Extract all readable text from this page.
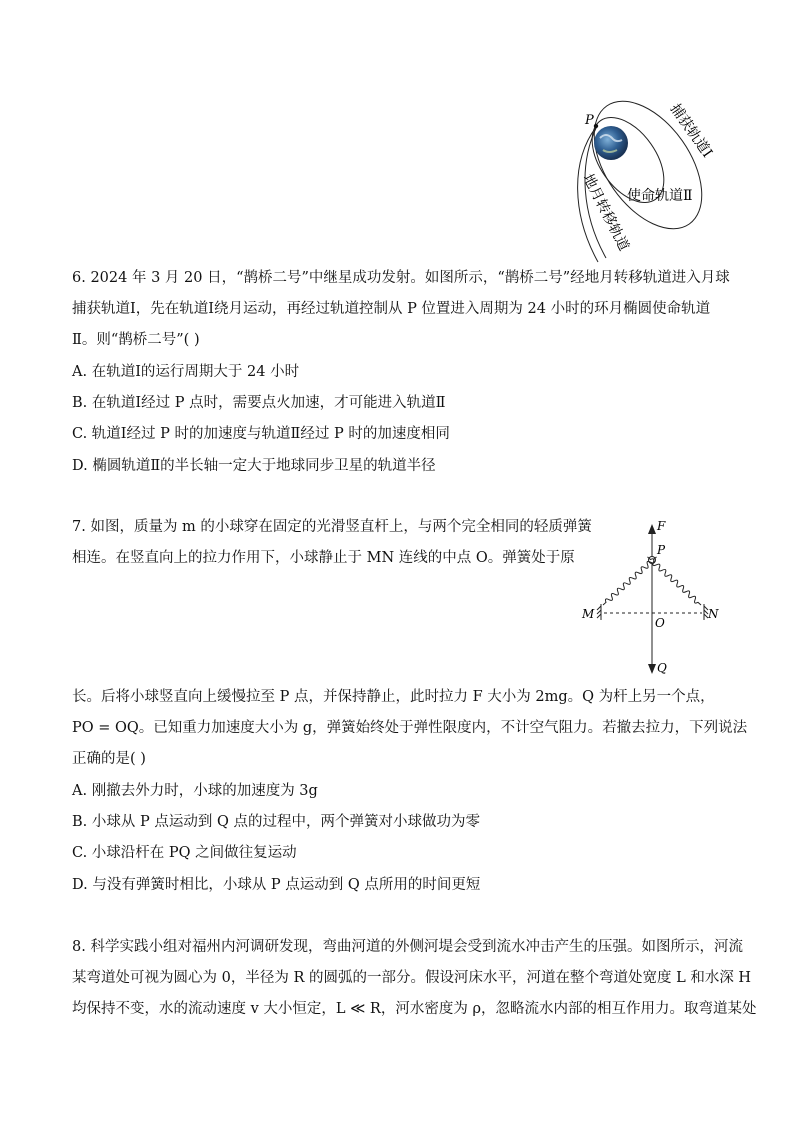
P	捕获轨道Ⅰ
使命轨道Ⅱ
地月转移轨道
6. 2024 年 3 月 20 日，“鹊桥二号”中继星成功发射。如图所示，“鹊桥二号”经地月转移轨道进入月球
捕获轨道Ⅰ，先在轨道Ⅰ绕月运动，再经过轨道控制从 P 位置进入周期为 24 小时的环月椭圆使命轨道
Ⅱ。则“鹊桥二号”( )
A. 在轨道Ⅰ的运行周期大于 24 小时
B. 在轨道Ⅰ经过 P 点时，需要点火加速，才可能进入轨道Ⅱ
C. 轨道Ⅰ经过 P 时的加速度与轨道Ⅱ经过 P 时的加速度相同
D. 椭圆轨道Ⅱ的半长轴一定大于地球同步卫星的轨道半径
F
Q
P
O
M	N
7. 如图，质量为 m 的小球穿在固定的光滑竖直杆上，与两个完全相同的轻质弹簧
相连。在竖直向上的拉力作用下，小球静止于 MN 连线的中点 O。弹簧处于原
长。后将小球竖直向上缓慢拉至 P 点，并保持静止，此时拉力 F 大小为 2mg。Q 为杆上另一个点，
PO = OQ。已知重力加速度大小为 g，弹簧始终处于弹性限度内，不计空气阻力。若撤去拉力，下列说法
正确的是( )
A. 刚撤去外力时，小球的加速度为 3g
B. 小球从 P 点运动到 Q 点的过程中，两个弹簧对小球做功为零
C. 小球沿杆在 PQ 之间做往复运动
D. 与没有弹簧时相比，小球从 P 点运动到 Q 点所用的时间更短
8. 科学实践小组对福州内河调研发现，弯曲河道的外侧河堤会受到流水冲击产生的压强。如图所示，河流
某弯道处可视为圆心为 0，半径为 R 的圆弧的一部分。假设河床水平，河道在整个弯道处宽度 L 和水深 H
均保持不变，水的流动速度 v 大小恒定，L ≪ R，河水密度为 ρ，忽略流水内部的相互作用力。取弯道某处
